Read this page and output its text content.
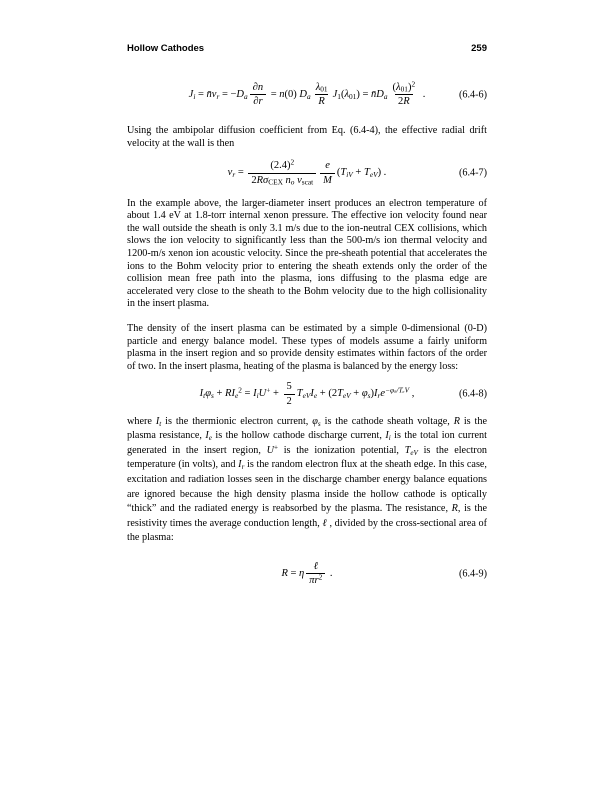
Hollow Cathodes	259
$J_i$ = $n̄v_r = -D_a \frac{\partial n}{\partial r} = n(0)$ $D_a \frac{\lambda_{01}}{R} J_1(\lambda_{01})$ = $n̄D_a \frac{(\lambda_{01})^2}{2R}$ .	(6.4-6)

Using the ambipolar diffusion coefficient from Eq. (6.4-4), the effective radial drift velocity at the wall is then

$v_r = \frac{(2.4)^2}{2R\sigma_{CEX} n_o v_{scat}} \frac{e}{M} (T_{iV} + T_{eV})$ .	(6.4-7)

In the example above, the larger-diameter insert produces an electron temperature of about 1.4 eV at 1.8-torr internal xenon pressure. The effective ion velocity found near the wall outside the sheath is only 3.1 m/s due to the ion-neutral CEX collisions, which slows the ion velocity to significantly less than the 500-m/s ion thermal velocity and 1200-m/s xenon ion acoustic velocity. Since the pre-sheath potential that accelerates the ions to the Bohm velocity prior to entering the sheath extends only the order of the collision mean free path into the plasma, ions diffusing to the plasma edge are accelerated very close to the sheath to the Bohm velocity due to the high collisionality in the insert plasma.

The density of the insert plasma can be estimated by a simple 0-dimensional (0-D) particle and energy balance model. These types of models assume a fairly uniform plasma in the insert region and so provide density estimates within factors of the order of two. In the insert plasma, heating of the plasma is balanced by the energy loss:

$I_t\varphi_s + RI_e^2 = I_iU^+ + \frac{5}{2} T_{eV}I_e + (2T_{eV} + \varphi_s)I_re^{-\varphi_s/T_eV}$ ,	(6.4-8)

where $I_t$ is the thermionic electron current, $\varphi_s$ is the cathode sheath voltage, R is the plasma resistance, $I_e$ is the hollow cathode discharge current, $I_i$ is the total ion current generated in the insert region, U+ is the ionization potential, $T_{eV}$ is the electron temperature (in volts), and $I_r$ is the random electron flux at the sheath edge. In this case, excitation and radiation losses seen in the discharge chamber energy balance equations are ignored because the high density plasma inside the hollow cathode is optically “thick” and the radiated energy is reabsorbed by the plasma. The resistance, R, is the resistivity times the average conduction length, ℓ , divided by the cross-sectional area of the plasma:

R = η $\frac{\text{ℓ}}{\pi r^2}$ .	(6.4-9)
